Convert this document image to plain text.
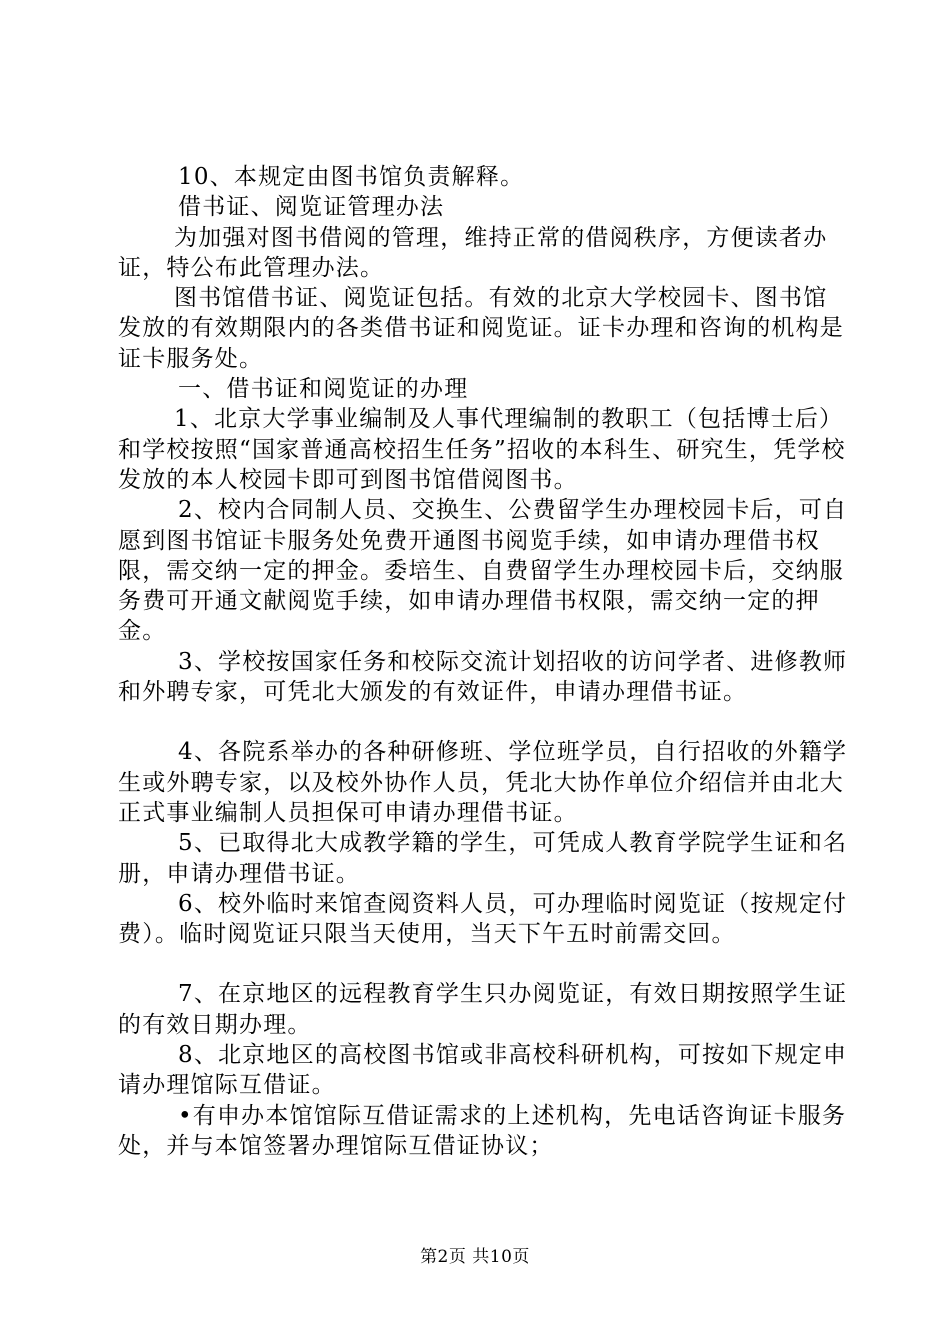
10、本规定由图书馆负责解释。

借书证、阅览证管理办法

为加强对图书借阅的管理，维持正常的借阅秩序，方便读者办证，特公布此管理办法。

图书馆借书证、阅览证包括。有效的北京大学校园卡、图书馆发放的有效期限内的各类借书证和阅览证。证卡办理和咨询的机构是证卡服务处。

一、借书证和阅览证的办理

1、北京大学事业编制及人事代理编制的教职工（包括博士后）和学校按照“国家普通高校招生任务”招收的本科生、研究生，凭学校发放的本人校园卡即可到图书馆借阅图书。

2、校内合同制人员、交换生、公费留学生办理校园卡后，可自愿到图书馆证卡服务处免费开通图书阅览手续，如申请办理借书权限，需交纳一定的押金。委培生、自费留学生办理校园卡后，交纳服务费可开通文献阅览手续，如申请办理借书权限，需交纳一定的押金。

3、学校按国家任务和校际交流计划招收的访问学者、进修教师和外聘专家，可凭北大颁发的有效证件，申请办理借书证。

4、各院系举办的各种研修班、学位班学员，自行招收的外籍学生或外聘专家，以及校外协作人员，凭北大协作单位介绍信并由北大正式事业编制人员担保可申请办理借书证。

5、已取得北大成教学籍的学生，可凭成人教育学院学生证和名册，申请办理借书证。

6、校外临时来馆查阅资料人员，可办理临时阅览证（按规定付费）。临时阅览证只限当天使用，当天下午五时前需交回。

7、在京地区的远程教育学生只办阅览证，有效日期按照学生证的有效日期办理。

8、北京地区的高校图书馆或非高校科研机构，可按如下规定申请办理馆际互借证。

•有申办本馆馆际互借证需求的上述机构，先电话咨询证卡服务处，并与本馆签署办理馆际互借证协议；

第2页 共10页
